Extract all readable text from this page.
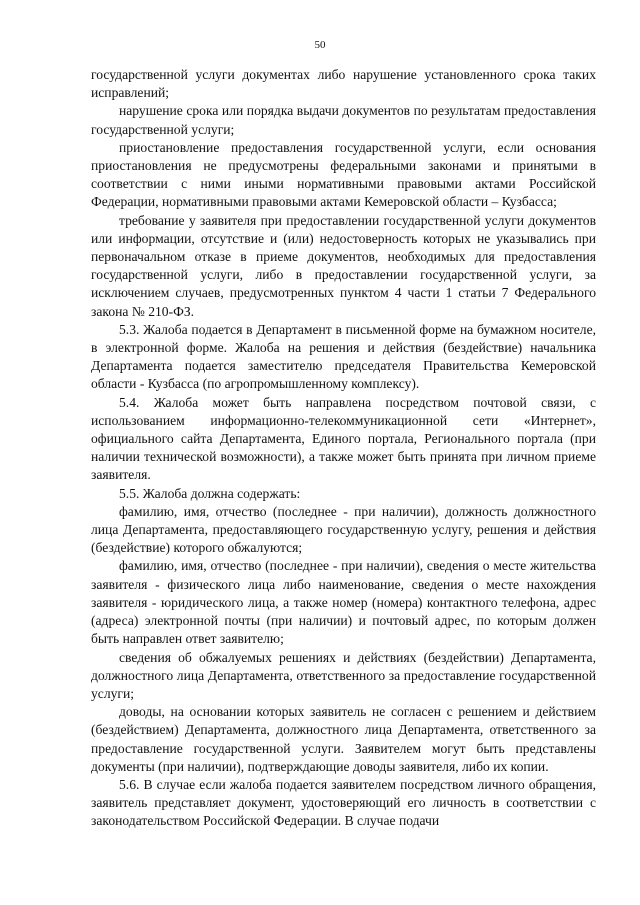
50

государственной услуги документах либо нарушение установленного срока таких исправлений;

нарушение срока или порядка выдачи документов по результатам предоставления государственной услуги;

приостановление предоставления государственной услуги, если основания приостановления не предусмотрены федеральными законами и принятыми в соответствии с ними иными нормативными правовыми актами Российской Федерации, нормативными правовыми актами Кемеровской области – Кузбасса;

требование у заявителя при предоставлении государственной услуги документов или информации, отсутствие и (или) недостоверность которых не указывались при первоначальном отказе в приеме документов, необходимых для предоставления государственной услуги, либо в предоставлении государственной услуги, за исключением случаев, предусмотренных пунктом 4 части 1 статьи 7 Федерального закона № 210-ФЗ.

5.3. Жалоба подается в Департамент в письменной форме на бумажном носителе, в электронной форме. Жалоба на решения и действия (бездействие) начальника Департамента подается заместителю председателя Правительства Кемеровской области - Кузбасса (по агропромышленному комплексу).

5.4. Жалоба может быть направлена посредством почтовой связи, с использованием информационно-телекоммуникационной сети «Интернет», официального сайта Департамента, Единого портала, Регионального портала (при наличии технической возможности), а также может быть принята при личном приеме заявителя.

5.5. Жалоба должна содержать:

фамилию, имя, отчество (последнее - при наличии), должность должностного лица Департамента, предоставляющего государственную услугу, решения и действия (бездействие) которого обжалуются;

фамилию, имя, отчество (последнее - при наличии), сведения о месте жительства заявителя - физического лица либо наименование, сведения о месте нахождения заявителя - юридического лица, а также номер (номера) контактного телефона, адрес (адреса) электронной почты (при наличии) и почтовый адрес, по которым должен быть направлен ответ заявителю;

сведения об обжалуемых решениях и действиях (бездействии) Департамента, должностного лица Департамента, ответственного за предоставление государственной услуги;

доводы, на основании которых заявитель не согласен с решением и действием (бездействием) Департамента, должностного лица Департамента, ответственного за предоставление государственной услуги. Заявителем могут быть представлены документы (при наличии), подтверждающие доводы заявителя, либо их копии.

5.6. В случае если жалоба подается заявителем посредством личного обращения, заявитель представляет документ, удостоверяющий его личность в соответствии с законодательством Российской Федерации. В случае подачи
